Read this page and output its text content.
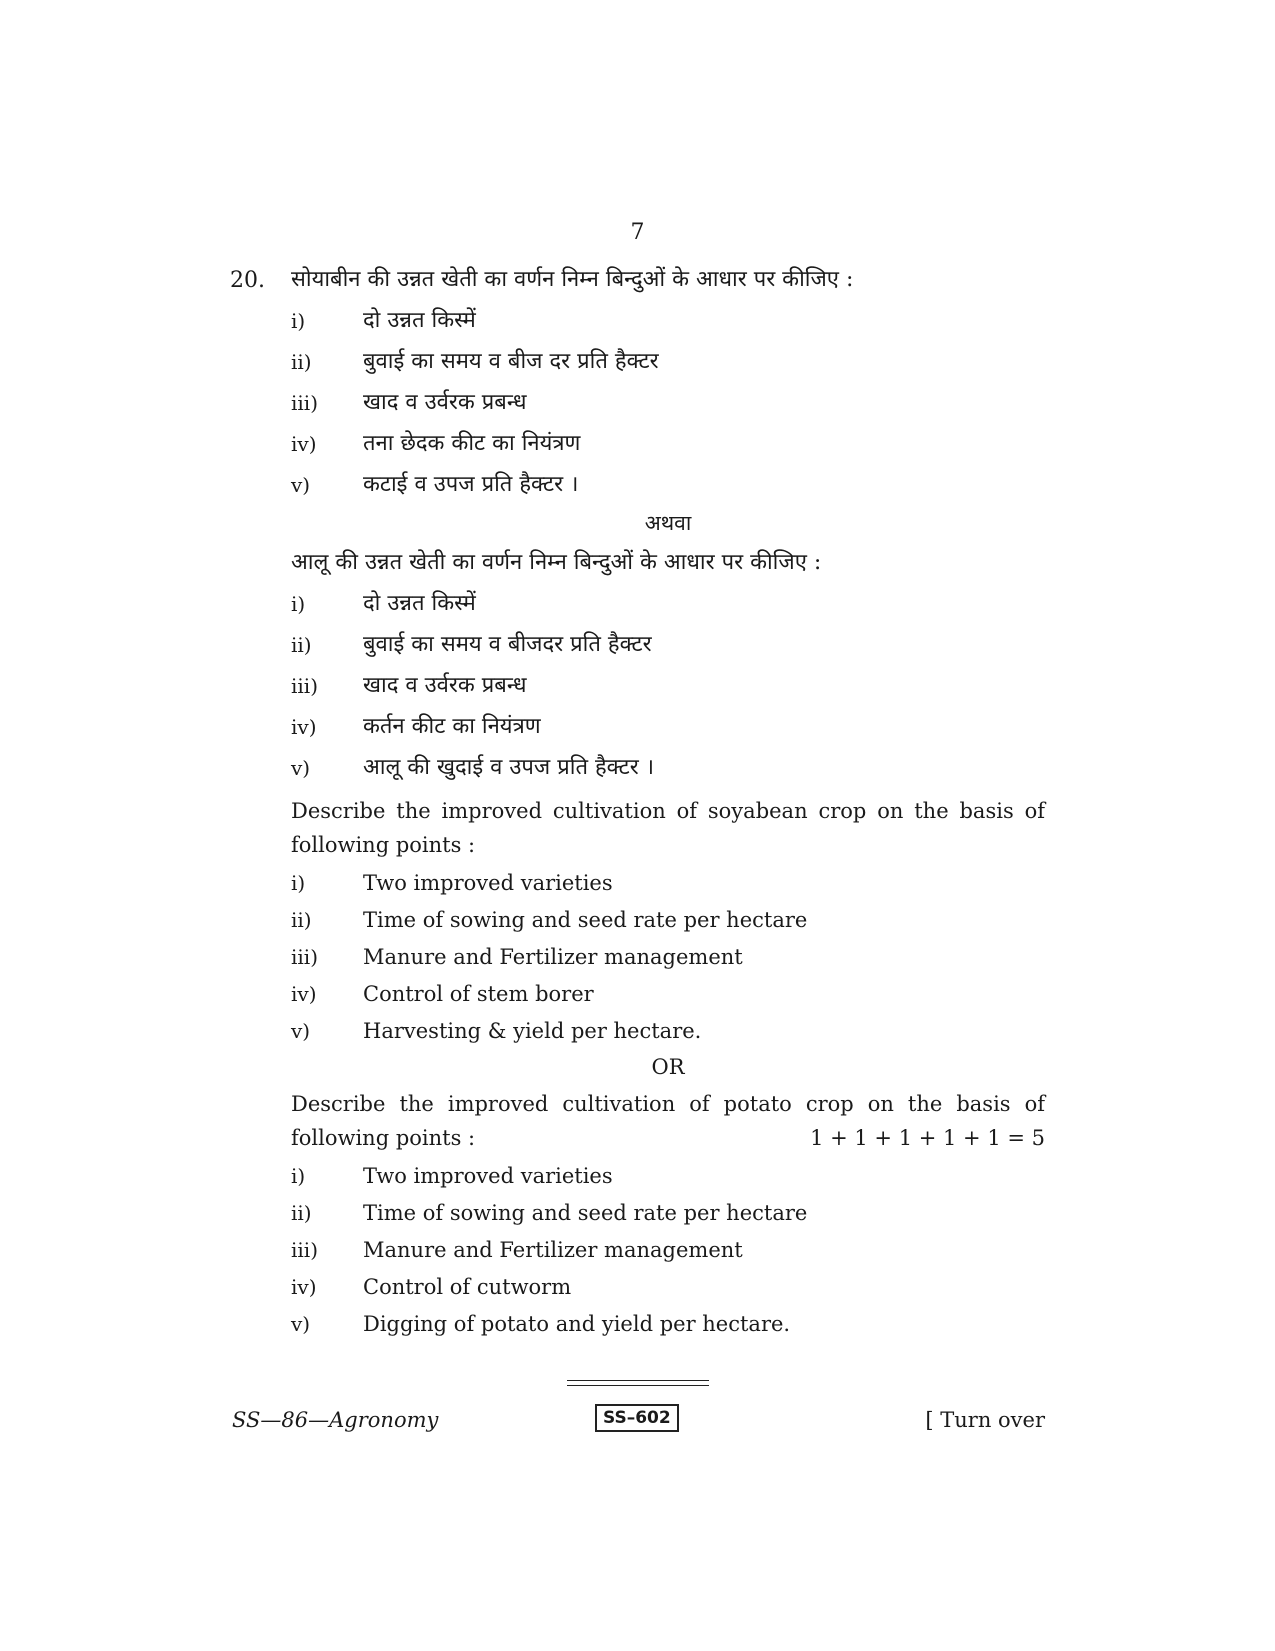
7
20. सोयाबीन की उन्नत खेती का वर्णन निम्न बिन्दुओं के आधार पर कीजिए :
i)	दो उन्नत किस्में
ii)	बुवाई का समय व बीज दर प्रति हैक्टर
iii)	खाद व उर्वरक प्रबन्ध
iv)	तना छेदक कीट का नियंत्रण
v)	कटाई व उपज प्रति हैक्टर ।
अथवा
आलू की उन्नत खेती का वर्णन निम्न बिन्दुओं के आधार पर कीजिए :
i)	दो उन्नत किस्में
ii)	बुवाई का समय व बीजदर प्रति हैक्टर
iii)	खाद व उर्वरक प्रबन्ध
iv)	कर्तन कीट का नियंत्रण
v)	आलू की खुदाई व उपज प्रति हैक्टर ।
Describe the improved cultivation of soyabean crop on the basis of
following points :
i)	Two improved varieties
ii)	Time of sowing and seed rate per hectare
iii)	Manure and Fertilizer management
iv)	Control of stem borer
v)	Harvesting & yield per hectare.
OR
Describe the improved cultivation of potato crop on the basis of
following points :	1 + 1 + 1 + 1 + 1 = 5
i)	Two improved varieties
ii)	Time of sowing and seed rate per hectare
iii)	Manure and Fertilizer management
iv)	Control of cutworm
v)	Digging of potato and yield per hectare.
SS—86—Agronomy	SS–602	[ Turn over
